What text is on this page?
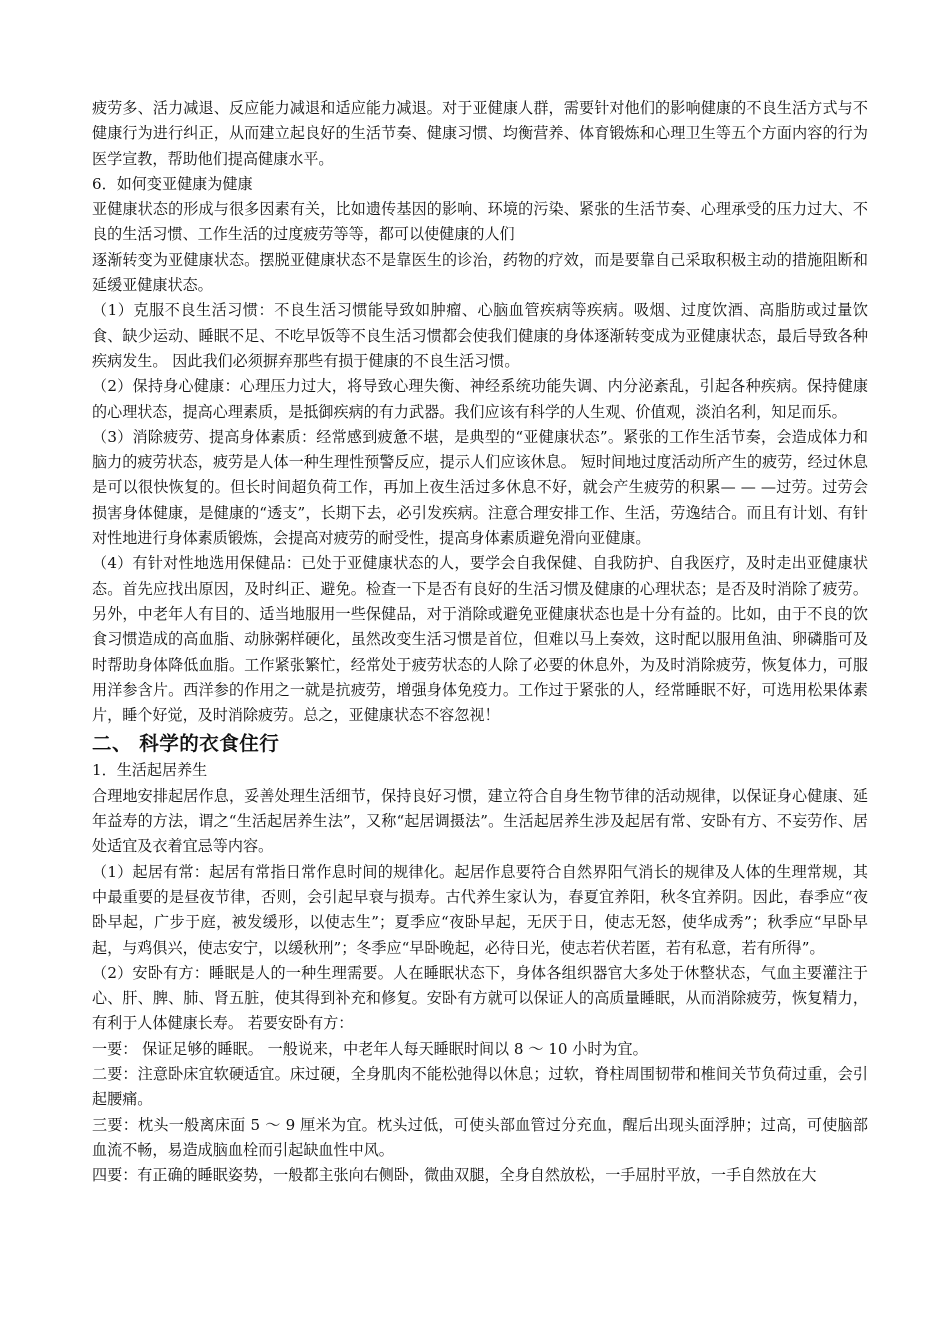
疲劳多、活力减退、反应能力减退和适应能力减退。对于亚健康人群，需要针对他们的影响健康的不良生活方式与不健康行为进行纠正，从而建立起良好的生活节奏、健康习惯、均衡营养、体育锻炼和心理卫生等五个方面内容的行为医学宣教，帮助他们提高健康水平。

6．如何变亚健康为健康

亚健康状态的形成与很多因素有关，比如遗传基因的影响、环境的污染、紧张的生活节奏、心理承受的压力过大、不良的生活习惯、工作生活的过度疲劳等等，都可以使健康的人们

逐渐转变为亚健康状态。摆脱亚健康状态不是靠医生的诊治，药物的疗效，而是要靠自己采取积极主动的措施阻断和延缓亚健康状态。

（1）克服不良生活习惯：不良生活习惯能导致如肿瘤、心脑血管疾病等疾病。吸烟、过度饮酒、高脂肪或过量饮食、缺少运动、睡眠不足、不吃早饭等不良生活习惯都会使我们健康的身体逐渐转变成为亚健康状态，最后导致各种疾病发生。 因此我们必须摒弃那些有损于健康的不良生活习惯。

（2）保持身心健康：心理压力过大，将导致心理失衡、神经系统功能失调、内分泌紊乱，引起各种疾病。保持健康的心理状态，提高心理素质，是抵御疾病的有力武器。我们应该有科学的人生观、价值观，淡泊名利，知足而乐。

（3）消除疲劳、提高身体素质：经常感到疲惫不堪，是典型的“亚健康状态”。紧张的工作生活节奏，会造成体力和脑力的疲劳状态，疲劳是人体一种生理性预警反应，提示人们应该休息。 短时间地过度活动所产生的疲劳，经过休息是可以很快恢复的。但长时间超负荷工作，再加上夜生活过多休息不好，就会产生疲劳的积累— — —过劳。过劳会损害身体健康，是健康的“透支”，长期下去，必引发疾病。注意合理安排工作、生活，劳逸结合。而且有计划、有针对性地进行身体素质锻炼，会提高对疲劳的耐受性，提高身体素质避免滑向亚健康。

（4）有针对性地选用保健品：已处于亚健康状态的人，要学会自我保健、自我防护、自我医疗，及时走出亚健康状态。首先应找出原因，及时纠正、避免。检查一下是否有良好的生活习惯及健康的心理状态；是否及时消除了疲劳。另外，中老年人有目的、适当地服用一些保健品，对于消除或避免亚健康状态也是十分有益的。比如，由于不良的饮食习惯造成的高血脂、动脉粥样硬化，虽然改变生活习惯是首位，但难以马上奏效，这时配以服用鱼油、卵磷脂可及时帮助身体降低血脂。工作紧张繁忙，经常处于疲劳状态的人除了必要的休息外，为及时消除疲劳，恢复体力，可服用洋参含片。西洋参的作用之一就是抗疲劳，增强身体免疫力。工作过于紧张的人，经常睡眠不好，可选用松果体素片，睡个好觉，及时消除疲劳。总之，亚健康状态不容忽视！

二、 科学的衣食住行

1．生活起居养生

合理地安排起居作息，妥善处理生活细节，保持良好习惯，建立符合自身生物节律的活动规律，以保证身心健康、延年益寿的方法，谓之“生活起居养生法”，又称“起居调摄法”。生活起居养生涉及起居有常、安卧有方、不妄劳作、居处适宜及衣着宜忌等内容。

（1）起居有常：起居有常指日常作息时间的规律化。起居作息要符合自然界阳气消长的规律及人体的生理常规，其中最重要的是昼夜节律，否则，会引起早衰与损寿。古代养生家认为，春夏宜养阳，秋冬宜养阴。因此，春季应“夜卧早起，广步于庭，被发缓形，以使志生”；夏季应“夜卧早起，无厌于日，使志无怒，使华成秀”；秋季应“早卧早起，与鸡俱兴，使志安宁，以缓秋刑”；冬季应“早卧晚起，必待日光，使志若伏若匿，若有私意，若有所得”。

（2）安卧有方：睡眠是人的一种生理需要。人在睡眠状态下，身体各组织器官大多处于休整状态，气血主要灌注于心、肝、脾、肺、肾五脏，使其得到补充和修复。安卧有方就可以保证人的高质量睡眠，从而消除疲劳，恢复精力，有利于人体健康长寿。 若要安卧有方：

一要： 保证足够的睡眠。 一般说来，中老年人每天睡眠时间以 8 ～ 10 小时为宜。

二要：注意卧床宜软硬适宜。床过硬，全身肌肉不能松弛得以休息；过软，脊柱周围韧带和椎间关节负荷过重，会引起腰痛。

三要：枕头一般离床面 5 ～ 9 厘米为宜。枕头过低，可使头部血管过分充血，醒后出现头面浮肿；过高，可使脑部血流不畅，易造成脑血栓而引起缺血性中风。

四要：有正确的睡眠姿势，一般都主张向右侧卧，微曲双腿，全身自然放松，一手屈肘平放，一手自然放在大
